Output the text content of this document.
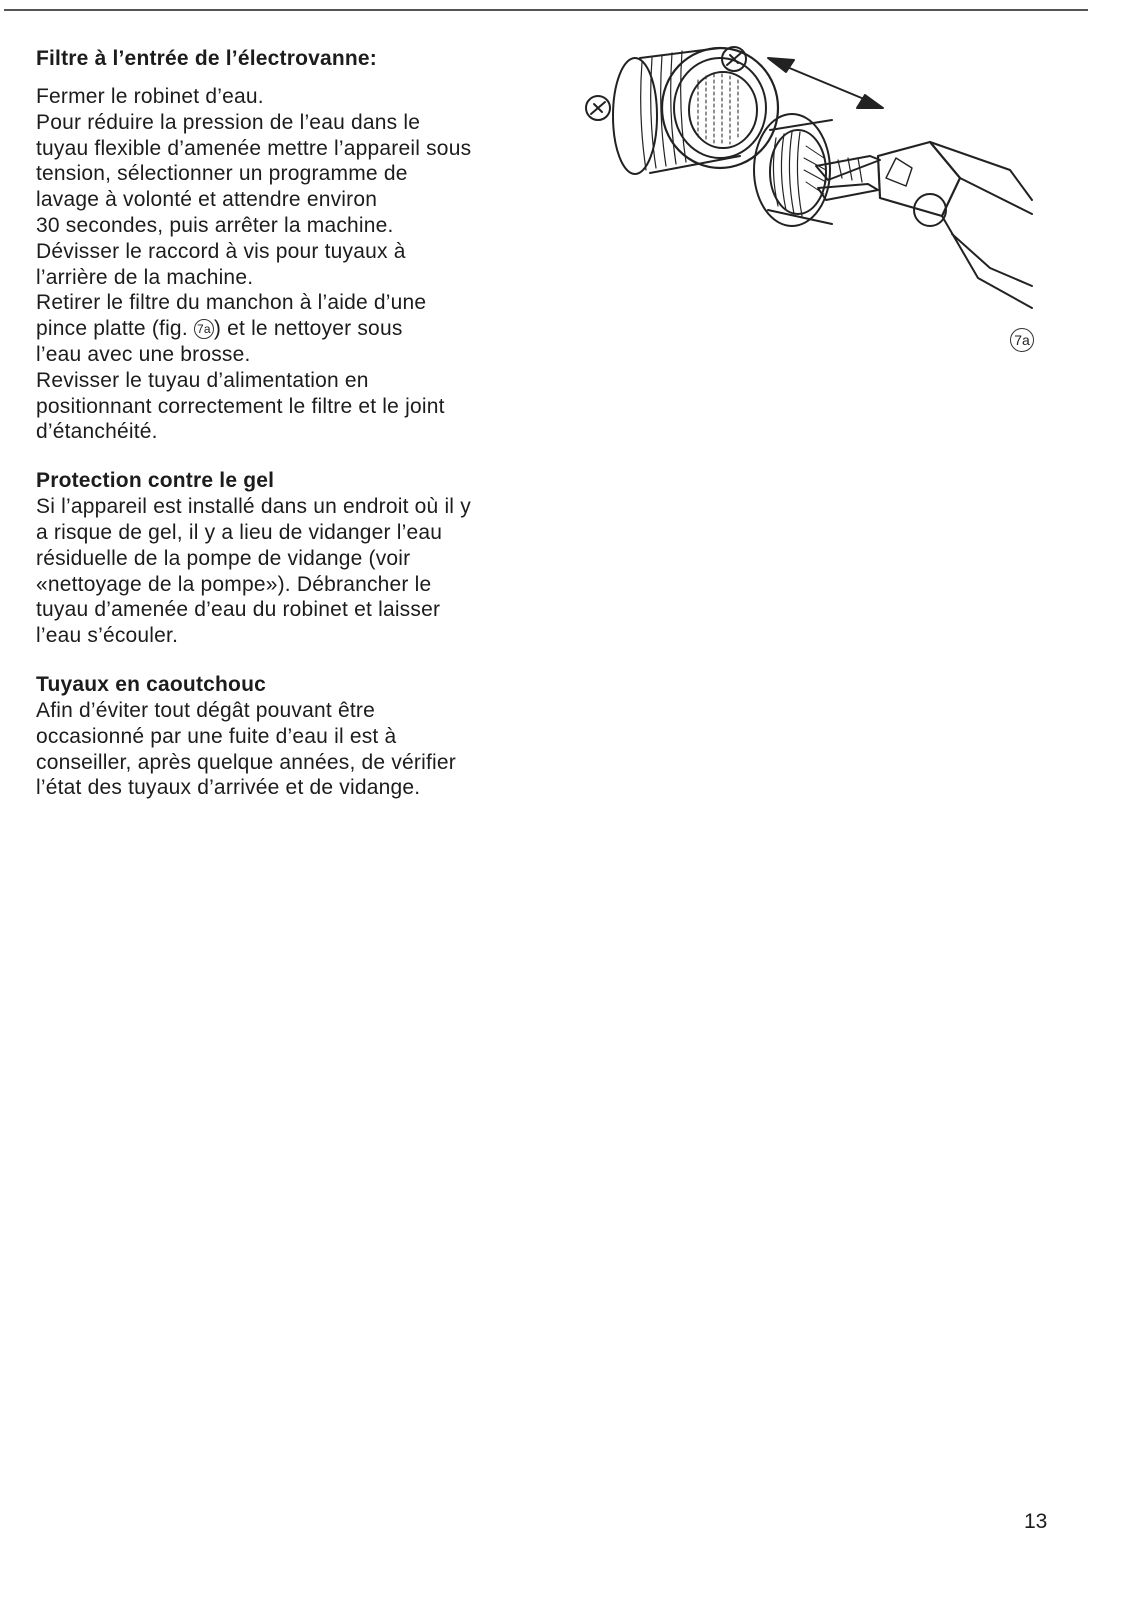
Filtre à l’entrée de l’électrovanne:

Fermer le robinet d’eau.
Pour réduire la pression de l’eau dans le
tuyau flexible d’amenée mettre l’appareil sous
tension, sélectionner un programme de
lavage à volonté et attendre environ
30 secondes, puis arrêter la machine.
Dévisser le raccord à vis pour tuyaux à
l’arrière de la machine.
Retirer le filtre du manchon à l’aide d’une
pince platte (fig. 7a ) et le nettoyer sous
l’eau avec une brosse.
Revisser le tuyau d’alimentation en
positionnant correctement le filtre et le joint
d’étanchéité.

Protection contre le gel

Si l’appareil est installé dans un endroit où il y
a risque de gel, il y a lieu de vidanger l’eau
résiduelle de la pompe de vidange (voir
«nettoyage de la pompe»). Débrancher le
tuyau d’amenée d’eau du robinet et laisser
l’eau s’écouler.

Tuyaux en caoutchouc

Afin d’éviter tout dégât pouvant être
occasionné par une fuite d’eau il est à
conseiller, après quelque années, de vérifier
l’état des tuyaux d’arrivée et de vidange.

7a
13
